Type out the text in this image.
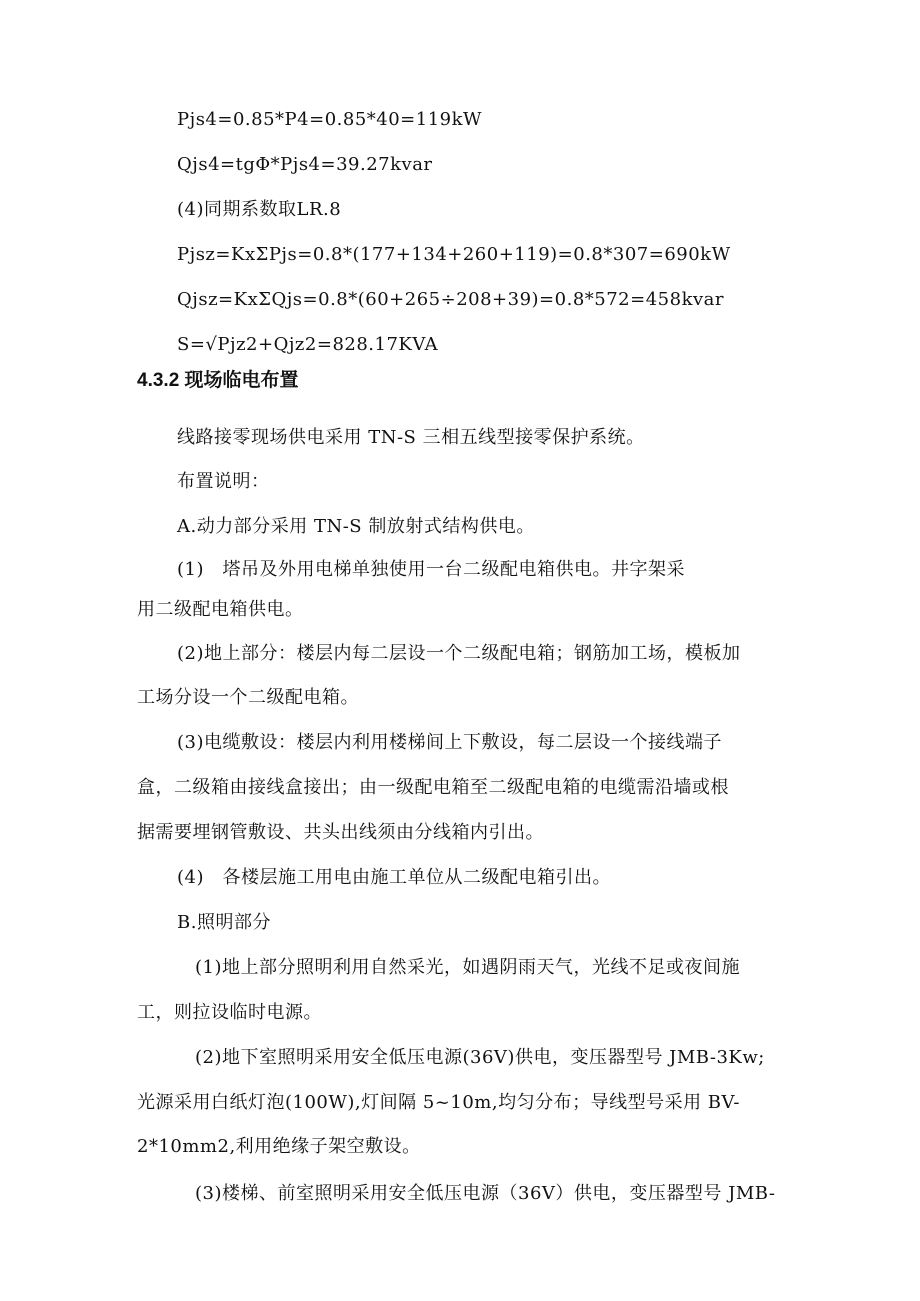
Pjs4=0.85*P4=0.85*40=119kW
Qjs4=tgΦ*Pjs4=39.27kvar
(4)同期系数取LR.8
Pjsz=KxΣPjs=0.8*(177+134+260+119)=0.8*307=690kW
Qjsz=KxΣQjs=0.8*(60+265÷208+39)=0.8*572=458kvar
S=√Pjz2+Qjz2=828.17KVA
4.3.2 现场临电布置
线路接零现场供电采用 TN-S 三相五线型接零保护系统。
布置说明：
A.动力部分采用 TN-S 制放射式结构供电。
(1)　塔吊及外用电梯单独使用一台二级配电箱供电。井字架采
用二级配电箱供电。
(2)地上部分：楼层内每二层设一个二级配电箱；钢筋加工场，模板加
工场分设一个二级配电箱。
(3)电缆敷设：楼层内利用楼梯间上下敷设，每二层设一个接线端子
盒，二级箱由接线盒接出；由一级配电箱至二级配电箱的电缆需沿墙或根
据需要埋钢管敷设、共头出线须由分线箱内引出。
(4)　各楼层施工用电由施工单位从二级配电箱引出。
B.照明部分
(1)地上部分照明利用自然采光，如遇阴雨天气，光线不足或夜间施
工，则拉设临时电源。
(2)地下室照明采用安全低压电源(36V)供电，变压器型号 JMB-3Kw;
光源采用白纸灯泡(100W),灯间隔 5~10m,均匀分布；导线型号采用 BV-
2*10mm2,利用绝缘子架空敷设。
(3)楼梯、前室照明采用安全低压电源（36V）供电，变压器型号 JMB-
